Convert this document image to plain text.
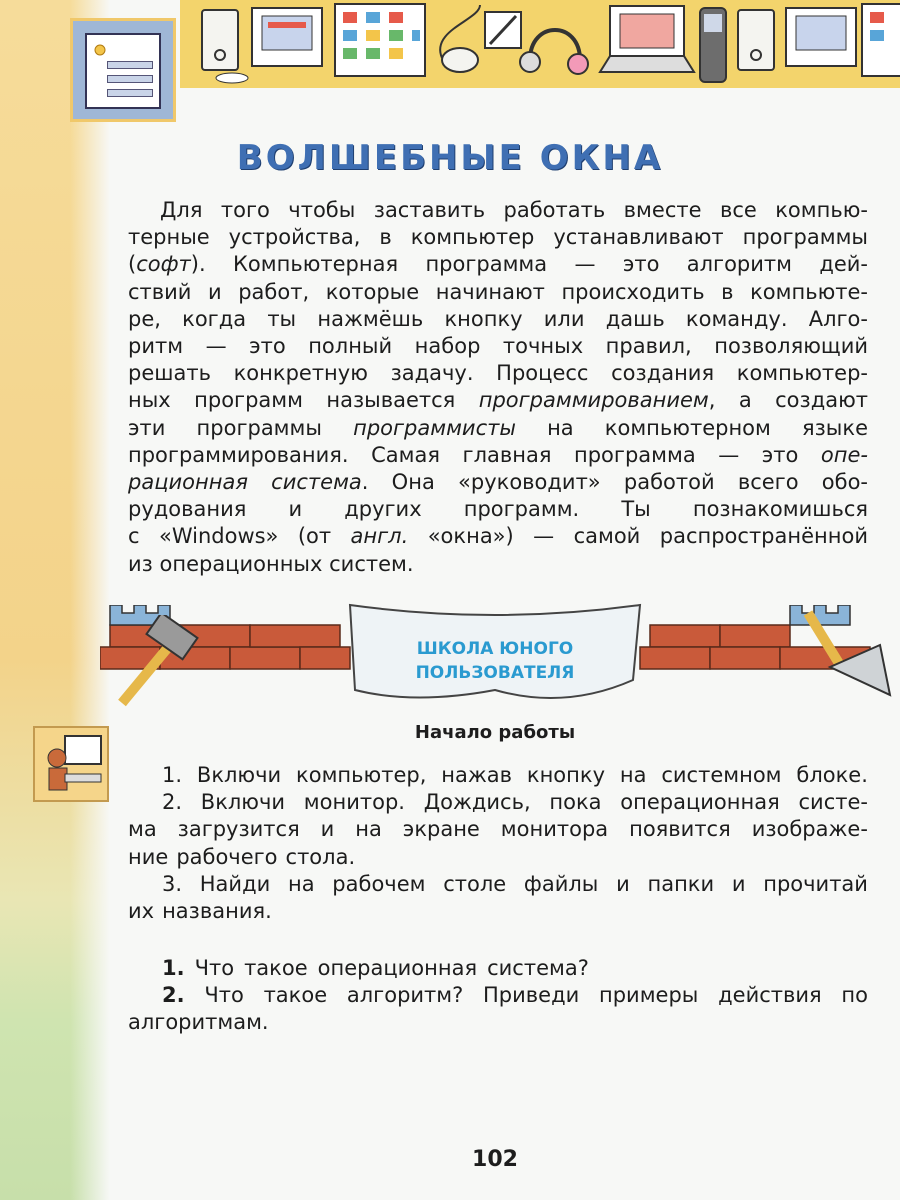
ВОЛШЕБНЫЕ ОКНА
Для того чтобы заставить работать вместе все компью-
терные устройства, в компьютер устанавливают программы
(софт). Компьютерная программа — это алгоритм дей-
ствий и работ, которые начинают происходить в компьюте-
ре, когда ты нажмёшь кнопку или дашь команду. Алго-
ритм — это полный набор точных правил, позволяющий
решать конкретную задачу. Процесс создания компьютер-
ных программ называется программированием, а создают
эти программы программисты на компьютерном языке
программирования. Самая главная программа — это опе-
рационная система. Она «руководит» работой всего обо-
рудования и других программ. Ты познакомишься
с «Windows» (от англ. «окна») — самой распространённой
из операционных систем.
ШКОЛА ЮНОГО
ПОЛЬЗОВАТЕЛЯ
Начало работы
1. Включи компьютер, нажав кнопку на системном блоке.
2. Включи монитор. Дождись, пока операционная систе-
ма загрузится и на экране монитора появится изображе-
ние рабочего стола.
3. Найди на рабочем столе файлы и папки и прочитай
их названия.
1. Что такое операционная система?
2. Что такое алгоритм? Приведи примеры действия по
алгоритмам.
102
